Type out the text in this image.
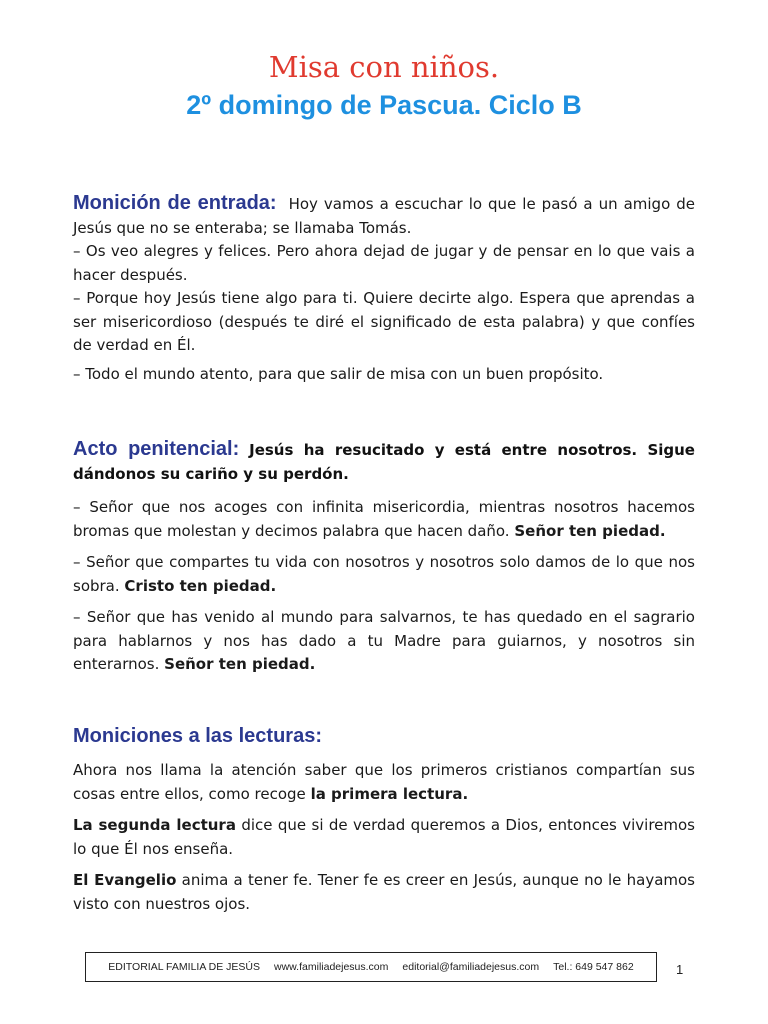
Misa con niños.
2º domingo de Pascua. Ciclo B

Monición de entrada: Hoy vamos a escuchar lo que le pasó a un amigo de Jesús que no se enteraba; se llamaba Tomás.

– Os veo alegres y felices. Pero ahora dejad de jugar y de pensar en lo que vais a hacer después.

– Porque hoy Jesús tiene algo para ti. Quiere decirte algo. Espera que aprendas a ser misericordioso (después te diré el significado de esta palabra) y que confíes de verdad en Él.

– Todo el mundo atento, para que salir de misa con un buen propósito.

Acto penitencial: Jesús ha resucitado y está entre nosotros. Sigue dándonos su cariño y su perdón.

– Señor que nos acoges con infinita misericordia, mientras nosotros hacemos bromas que molestan y decimos palabra que hacen daño. Señor ten piedad.

– Señor que compartes tu vida con nosotros y nosotros solo damos de lo que nos sobra. Cristo ten piedad.

– Señor que has venido al mundo para salvarnos, te has quedado en el sagrario para hablarnos y nos has dado a tu Madre para guiarnos, y nosotros sin enterarnos. Señor ten piedad.

Moniciones a las lecturas:

Ahora nos llama la atención saber que los primeros cristianos compartían sus cosas entre ellos, como recoge la primera lectura.

La segunda lectura dice que si de verdad queremos a Dios, entonces viviremos lo que Él nos enseña.

El Evangelio anima a tener fe. Tener fe es creer en Jesús, aunque no le hayamos visto con nuestros ojos.

EDITORIAL FAMILIA DE JESÚS www.familiadejesus.com editorial@familiadejesus.com Tel.: 649 547 862	1
